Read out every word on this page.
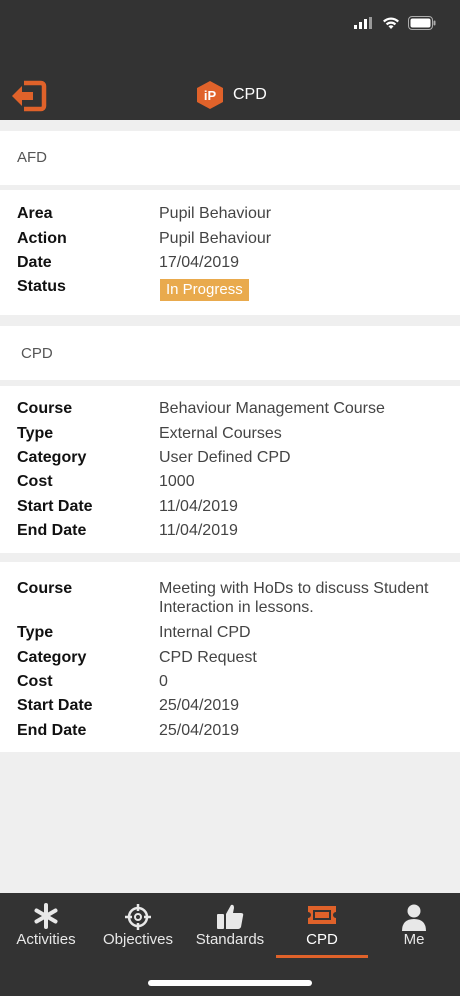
iP CPD
AFD
Area	Pupil Behaviour
Action	Pupil Behaviour
Date	17/04/2019
Status	In Progress
CPD
Course	Behaviour Management Course
Type	External Courses
Category	User Defined CPD
Cost	1000
Start Date	11/04/2019
End Date	11/04/2019
Course	Meeting with HoDs to discuss Student Interaction in lessons.
Type	Internal CPD
Category	CPD Request
Cost	0
Start Date	25/04/2019
End Date	25/04/2019
Activities	Objectives	Standards	CPD	Me
